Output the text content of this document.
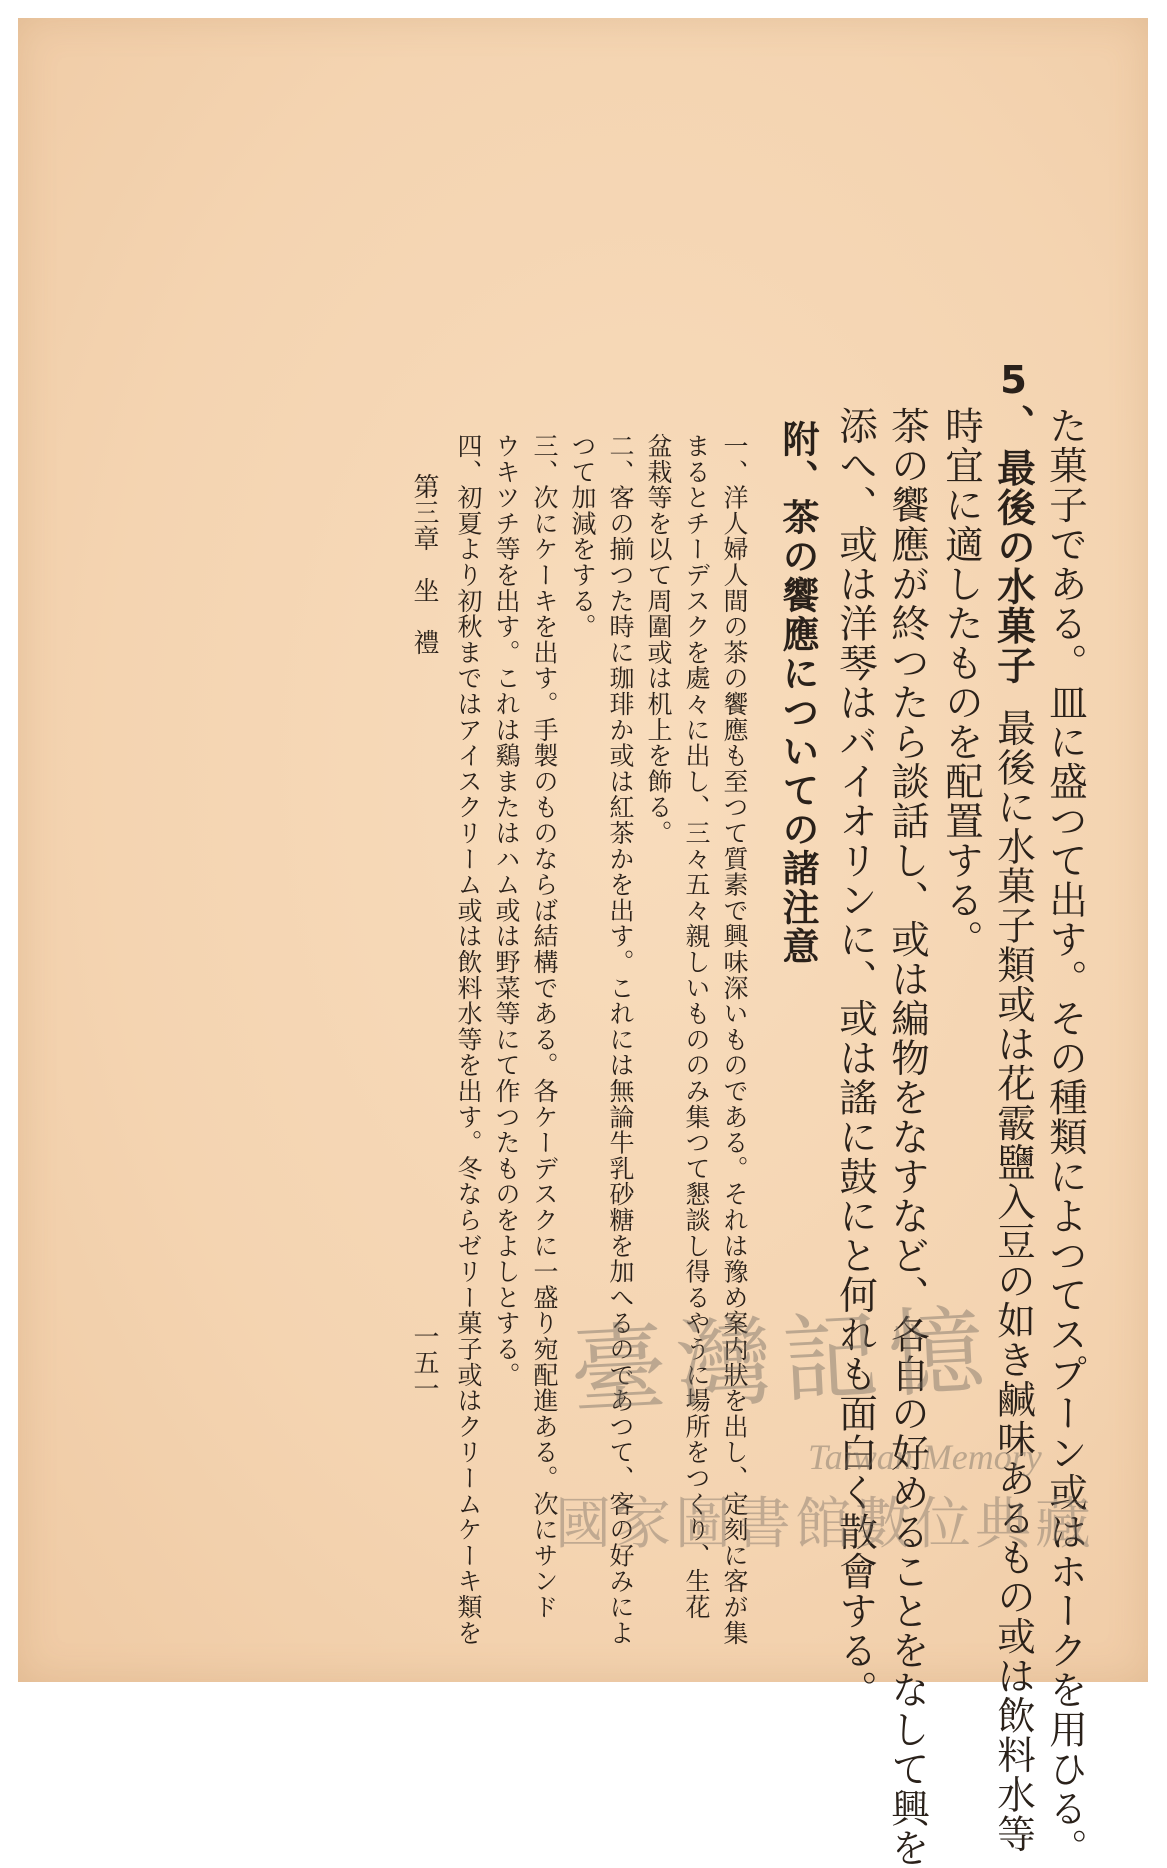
た菓子である。皿に盛つて出す。その種類によつてスプーン或はホークを用ひる。
5、
最後の水菓子
最後に水菓子類或は花霰鹽入豆の如き鹹味あるもの或は飲料水等
時宜に適したものを配置する。
茶の饗應が終つたら談話し、或は編物をなすなど、各自の好めることをなして興を
添へ、或は洋琴はバイオリンに、或は謠に鼓にと何れも面白く散會する。
附、茶の饗應についての諸注意
一、洋人婦人間の茶の饗應も至つて質素で興味深いものである。それは豫め案内狀を出し、定刻に客が集
まるとチーデスクを處々に出し、三々五々親しいもののみ集つて懇談し得るやうに場所をつくり、生花
盆栽等を以て周圍或は机上を飾る。
二、客の揃つた時に珈琲か或は紅茶かを出す。これには無論牛乳砂糖を加へるのであつて、客の好みによ
つて加減をする。
三、次にケーキを出す。手製のものならば結構である。各ケーデスクに一盛り宛配進ある。次にサンド
ウキツチ等を出す。これは鷄またはハム或は野菜等にて作つたものをよしとする。
四、初夏より初秋まではアイスクリーム或は飲料水等を出す。冬ならゼリー菓子或はクリームケーキ類を
第三章　坐　禮
一五一 臺灣記憶
Taiwan Memory
國家圖書館數位典藏
